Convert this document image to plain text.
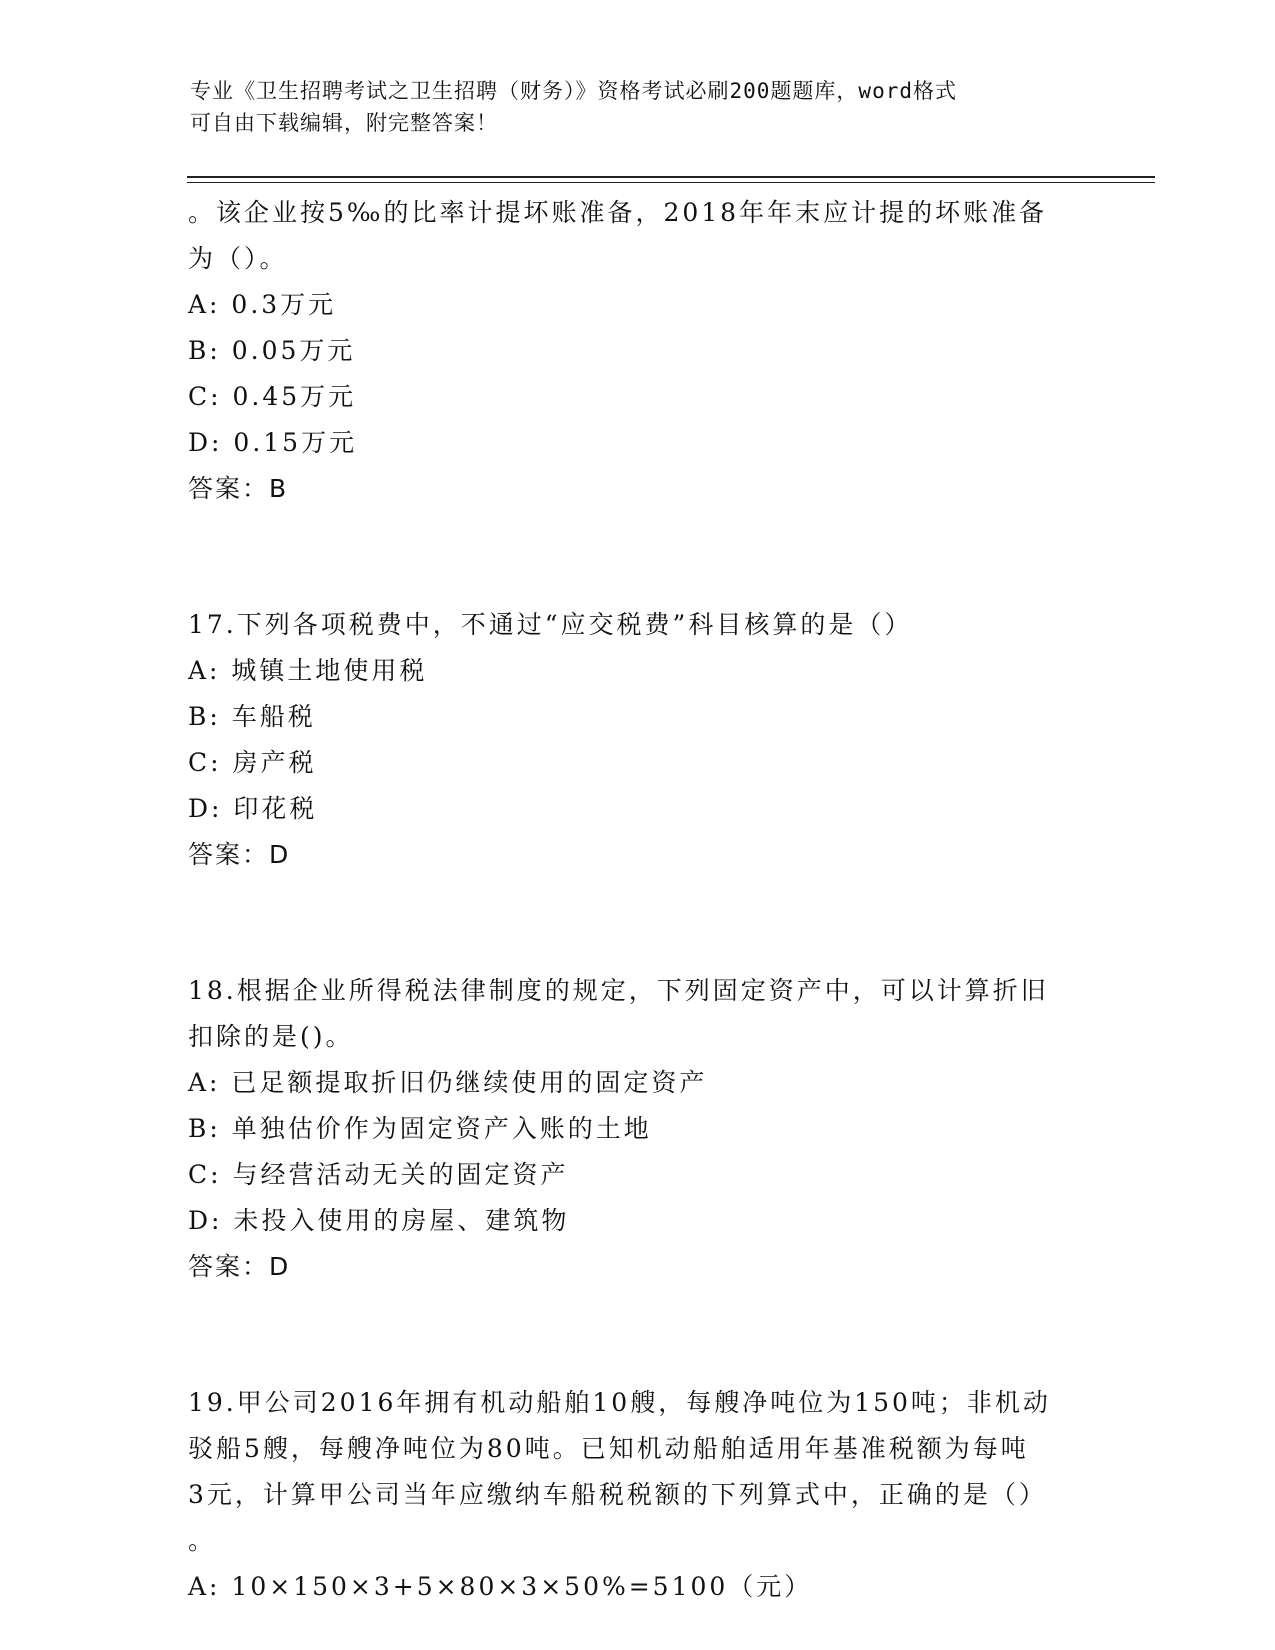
专业《卫生招聘考试之卫生招聘（财务）》资格考试必刷200题题库，word格式
可自由下载编辑，附完整答案！
。该企业按5‰的比率计提坏账准备，2018年年末应计提的坏账准备
为（）。
A: 0.3万元
B: 0.05万元
C: 0.45万元
D: 0.15万元
答案：B
17.下列各项税费中，不通过“应交税费”科目核算的是（）
A: 城镇土地使用税
B: 车船税
C: 房产税
D: 印花税
答案：D
18.根据企业所得税法律制度的规定，下列固定资产中，可以计算折旧
扣除的是()。
A: 已足额提取折旧仍继续使用的固定资产
B: 单独估价作为固定资产入账的土地
C: 与经营活动无关的固定资产
D: 未投入使用的房屋、建筑物
答案：D
19.甲公司2016年拥有机动船舶10艘，每艘净吨位为150吨；非机动
驳船5艘，每艘净吨位为80吨。已知机动船舶适用年基准税额为每吨
3元，计算甲公司当年应缴纳车船税税额的下列算式中，正确的是（）
。
A: 10×150×3+5×80×3×50%=5100（元）
